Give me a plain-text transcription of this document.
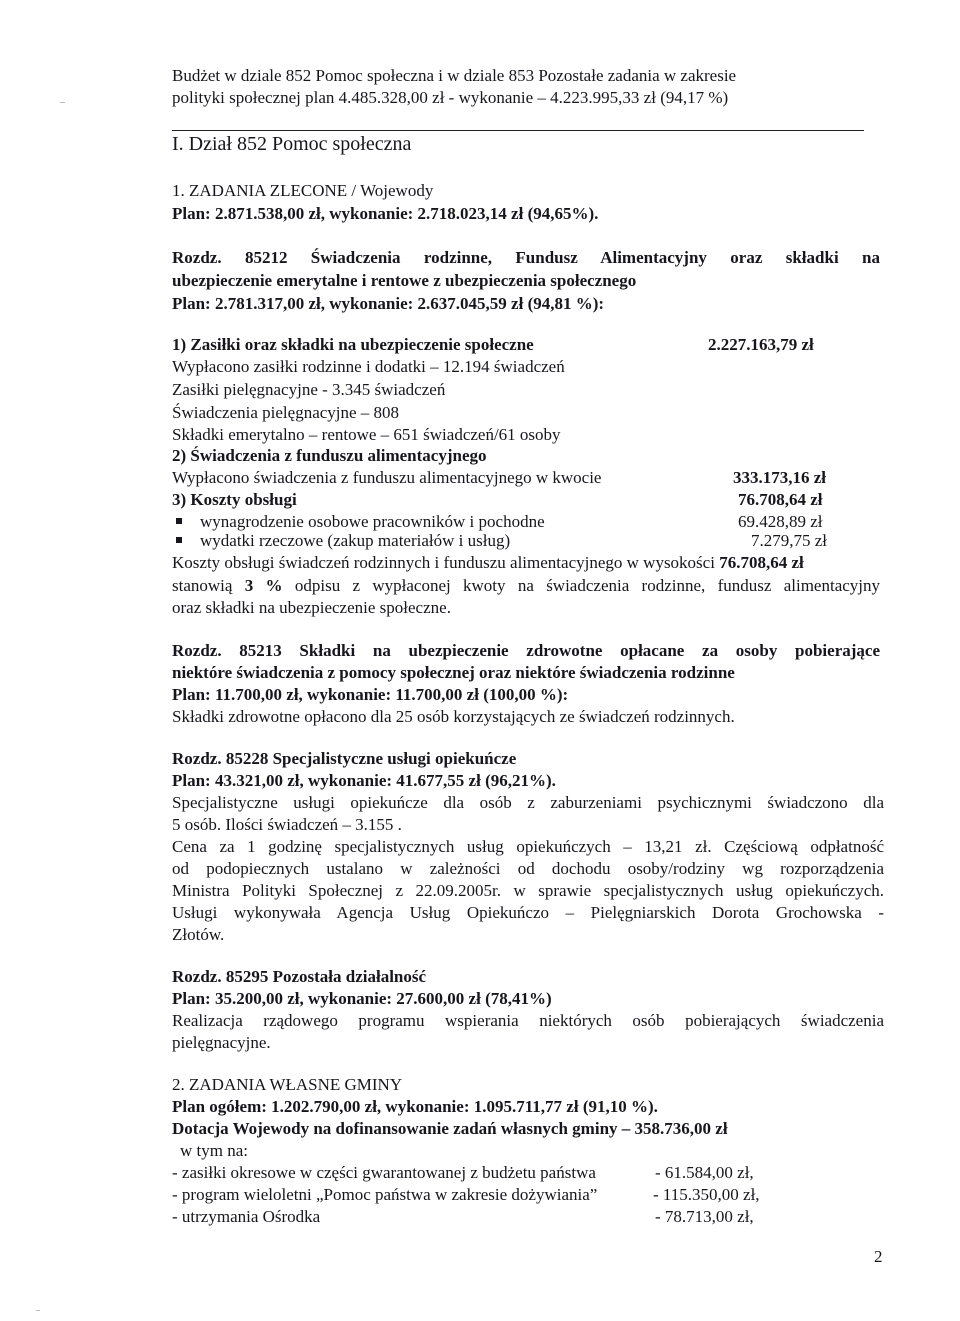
Budżet w dziale 852 Pomoc społeczna i w dziale 853 Pozostałe zadania w zakresie
polityki społecznej plan 4.485.328,00 zł - wykonanie – 4.223.995,33 zł (94,17 %)
I. Dział 852 Pomoc społeczna
1. ZADANIA ZLECONE / Wojewody
Plan: 2.871.538,00 zł, wykonanie: 2.718.023,14 zł (94,65%).
Rozdz. 85212 Świadczenia rodzinne, Fundusz Alimentacyjny oraz składki na
ubezpieczenie emerytalne i rentowe z ubezpieczenia społecznego
Plan: 2.781.317,00 zł, wykonanie: 2.637.045,59 zł (94,81 %):
1) Zasiłki oraz składki na ubezpieczenie społeczne	2.227.163,79 zł
Wypłacono zasiłki rodzinne i dodatki – 12.194 świadczeń
Zasiłki pielęgnacyjne - 3.345 świadczeń
Świadczenia pielęgnacyjne – 808
Składki emerytalno – rentowe – 651 świadczeń/61 osoby
2) Świadczenia z funduszu alimentacyjnego
Wypłacono świadczenia z funduszu alimentacyjnego w kwocie	333.173,16 zł
3) Koszty obsługi	76.708,64 zł
wynagrodzenie osobowe pracowników i pochodne	69.428,89 zł
wydatki rzeczowe (zakup materiałów i usług)	7.279,75 zł
Koszty obsługi świadczeń rodzinnych i funduszu alimentacyjnego w wysokości 76.708,64 zł
stanowią 3 % odpisu z wypłaconej kwoty na świadczenia rodzinne, fundusz alimentacyjny
oraz składki na ubezpieczenie społeczne.
Rozdz. 85213 Składki na ubezpieczenie zdrowotne opłacane za osoby pobierające
niektóre świadczenia z pomocy społecznej oraz niektóre świadczenia rodzinne
Plan: 11.700,00 zł, wykonanie: 11.700,00 zł (100,00 %):
Składki zdrowotne opłacono dla 25 osób korzystających ze świadczeń rodzinnych.
Rozdz. 85228 Specjalistyczne usługi opiekuńcze
Plan: 43.321,00 zł, wykonanie: 41.677,55 zł (96,21%).
Specjalistyczne usługi opiekuńcze dla osób z zaburzeniami psychicznymi świadczono dla
5 osób. Ilości świadczeń – 3.155 .
Cena za 1 godzinę specjalistycznych usług opiekuńczych – 13,21 zł. Częściową odpłatność
od podopiecznych ustalano w zależności od dochodu osoby/rodziny wg rozporządzenia
Ministra Polityki Społecznej z 22.09.2005r. w sprawie specjalistycznych usług opiekuńczych.
Usługi wykonywała Agencja Usług Opiekuńczo – Pielęgniarskich Dorota Grochowska -
Złotów.
Rozdz. 85295 Pozostała działalność
Plan: 35.200,00 zł, wykonanie: 27.600,00 zł (78,41%)
Realizacja rządowego programu wspierania niektórych osób pobierających świadczenia
pielęgnacyjne.
2. ZADANIA WŁASNE GMINY
Plan ogółem: 1.202.790,00 zł, wykonanie: 1.095.711,77 zł (91,10 %).
Dotacja Wojewody na dofinansowanie zadań własnych gminy – 358.736,00 zł
w tym na:
- zasiłki okresowe w części gwarantowanej z budżetu państwa	- 61.584,00 zł,
- program wieloletni „Pomoc państwa w zakresie dożywiania”	- 115.350,00 zł,
- utrzymania Ośrodka	- 78.713,00 zł,
2
